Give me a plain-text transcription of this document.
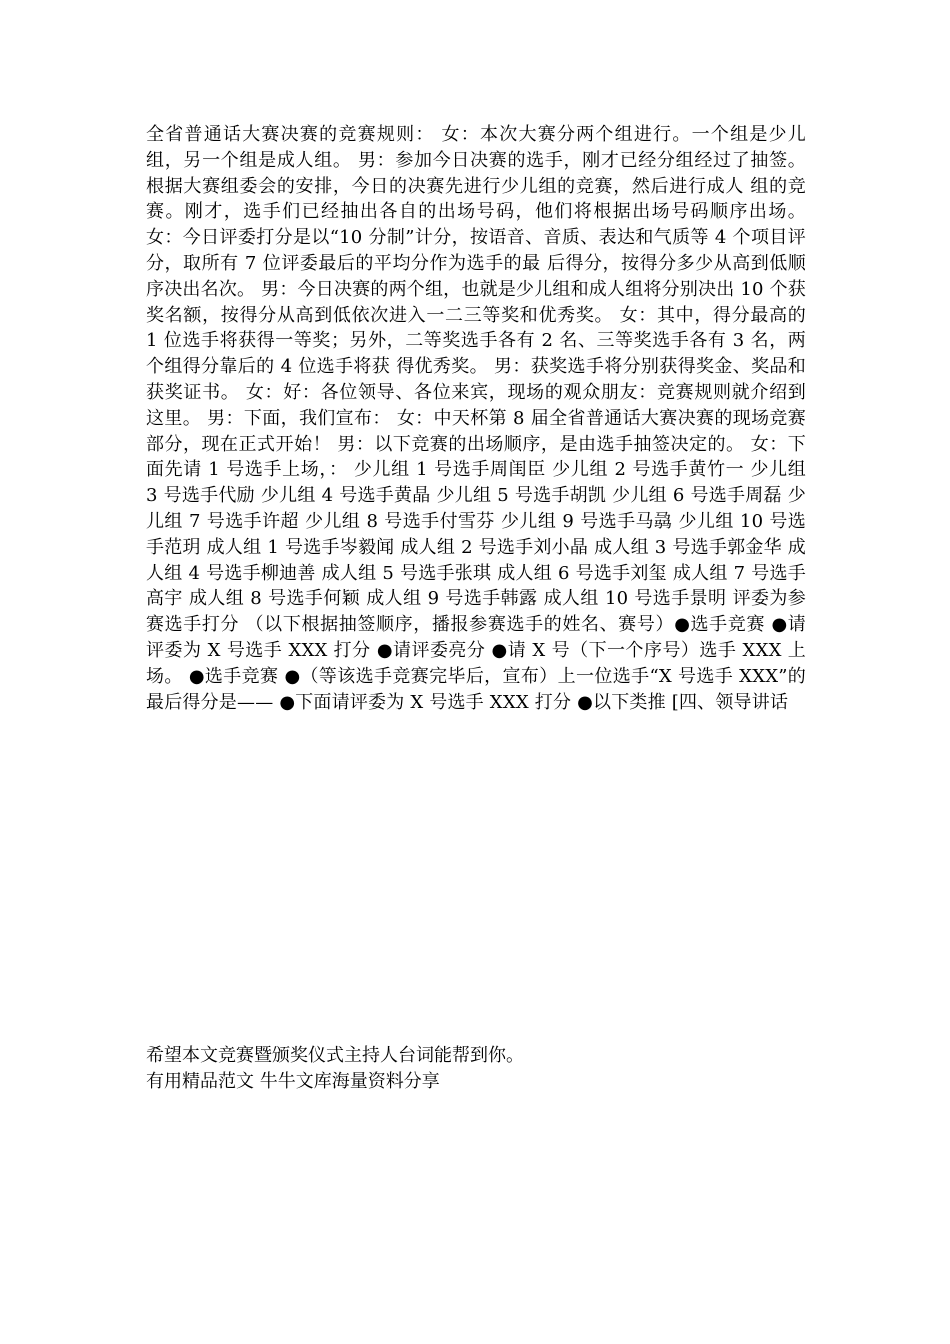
全省普通话大赛决赛的竞赛规则： 女：本次大赛分两个组进行。一个组是少儿组，另一个组是成人组。 男：参加今日决赛的选手，刚才已经分组经过了抽签。根据大赛组委会的安排，今日的决赛先进行少儿组的竞赛，然后进行成人 组的竞赛。刚才，选手们已经抽出各自的出场号码，他们将根据出场号码顺序出场。 女：今日评委打分是以“10 分制”计分，按语音、音质、表达和气质等 4 个项目评分，取所有 7 位评委最后的平均分作为选手的最 后得分，按得分多少从高到低顺序决出名次。 男：今日决赛的两个组，也就是少儿组和成人组将分别决出 10 个获奖名额，按得分从高到低依次进入一二三等奖和优秀奖。 女：其中，得分最高的 1 位选手将获得一等奖；另外，二等奖选手各有 2 名、三等奖选手各有 3 名，两个组得分靠后的 4 位选手将获 得优秀奖。 男：获奖选手将分别获得奖金、奖品和获奖证书。 女：好：各位领导、各位来宾，现场的观众朋友：竞赛规则就介绍到这里。 男：下面，我们宣布： 女：中天杯第 8 届全省普通话大赛决赛的现场竞赛部分，现在正式开始！ 男：以下竞赛的出场顺序，是由选手抽签决定的。 女：下面先请 1 号选手上场，： 少儿组 1 号选手周闺臣 少儿组 2 号选手黄竹一 少儿组 3 号选手代励 少儿组 4 号选手黄晶 少儿组 5 号选手胡凯 少儿组 6 号选手周磊 少儿组 7 号选手许超 少儿组 8 号选手付雪芬 少儿组 9 号选手马骉 少儿组 10 号选手范玥 成人组 1 号选手岑毅闻 成人组 2 号选手刘小晶 成人组 3 号选手郭金华 成人组 4 号选手柳迪善 成人组 5 号选手张琪 成人组 6 号选手刘玺 成人组 7 号选手高宇 成人组 8 号选手何颖 成人组 9 号选手韩露 成人组 10 号选手景明 评委为参赛选手打分 （以下根据抽签顺序，播报参赛选手的姓名、赛号）●选手竞赛 ●请评委为 X 号选手 XXX 打分 ●请评委亮分 ●请 X 号（下一个序号）选手 XXX 上场。 ●选手竞赛 ●（等该选手竞赛完毕后，宣布）上一位选手“X 号选手 XXX”的最后得分是—— ●下面请评委为 X 号选手 XXX 打分 ●以下类推 [四、领导讲话

希望本文竞赛暨颁奖仪式主持人台词能帮到你。
有用精品范文 牛牛文库海量资料分享
